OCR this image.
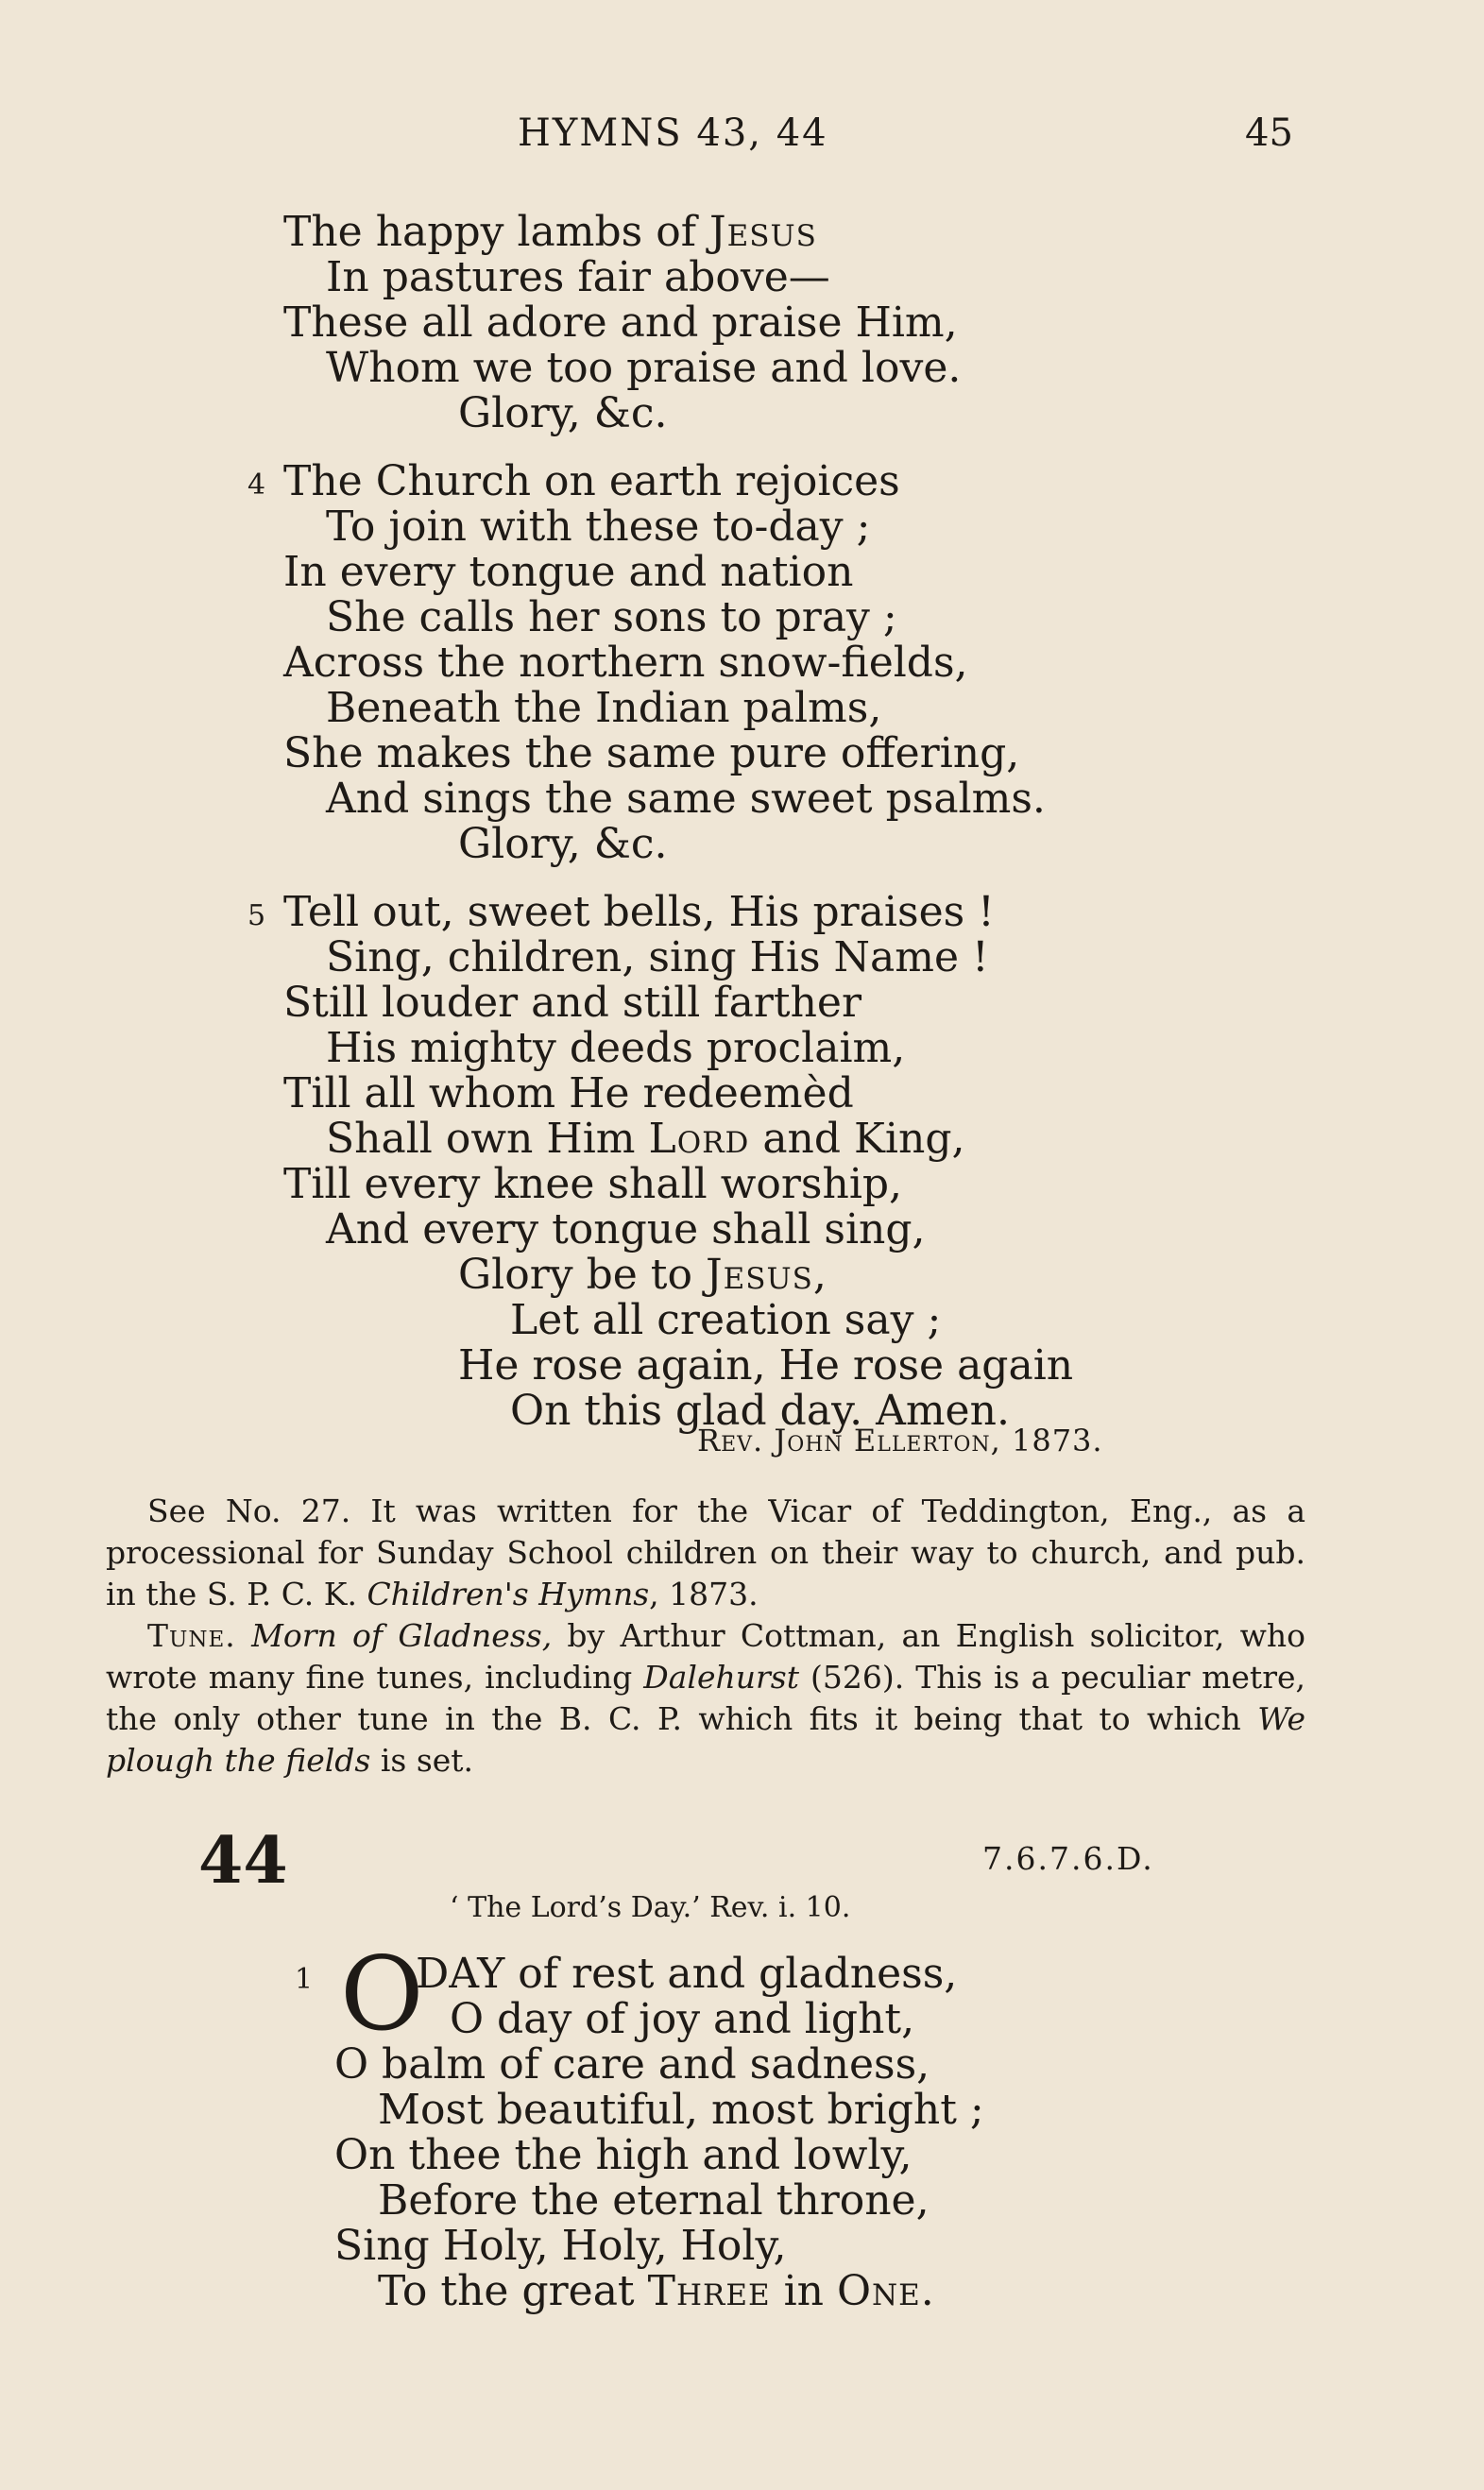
HYMNS 43, 44	45
The happy lambs of Jesus
In pastures fair above—
These all adore and praise Him,
Whom we too praise and love.
Glory, &c.
4 The Church on earth rejoices
To join with these to-day ;
In every tongue and nation
She calls her sons to pray ;
Across the northern snow-fields,
Beneath the Indian palms,
She makes the same pure offering,
And sings the same sweet psalms.
Glory, &c.
5 Tell out, sweet bells, His praises !
Sing, children, sing His Name !
Still louder and still farther
His mighty deeds proclaim,
Till all whom He redeemèd
Shall own Him Lord and King,
Till every knee shall worship,
And every tongue shall sing,
Glory be to Jesus,
Let all creation say ;
He rose again, He rose again
On this glad day. Amen.
Rev. John Ellerton, 1873.
See No. 27. It was written for the Vicar of Teddington, Eng., as a processional for Sunday School children on their way to church, and pub. in the S. P. C. K. Children's Hymns, 1873.
Tune. Morn of Gladness, by Arthur Cottman, an English solicitor, who wrote many fine tunes, including Dalehurst (526). This is a peculiar metre, the only other tune in the B. C. P. which fits it being that to which We plough the fields is set.
44	7.6.7.6.D.
‘ The Lord’s Day.’ Rev. i. 10.
1 O
DAY of rest and gladness,
O day of joy and light,
O balm of care and sadness,
Most beautiful, most bright ;
On thee the high and lowly,
Before the eternal throne,
Sing Holy, Holy, Holy,
To the great Three in One.
